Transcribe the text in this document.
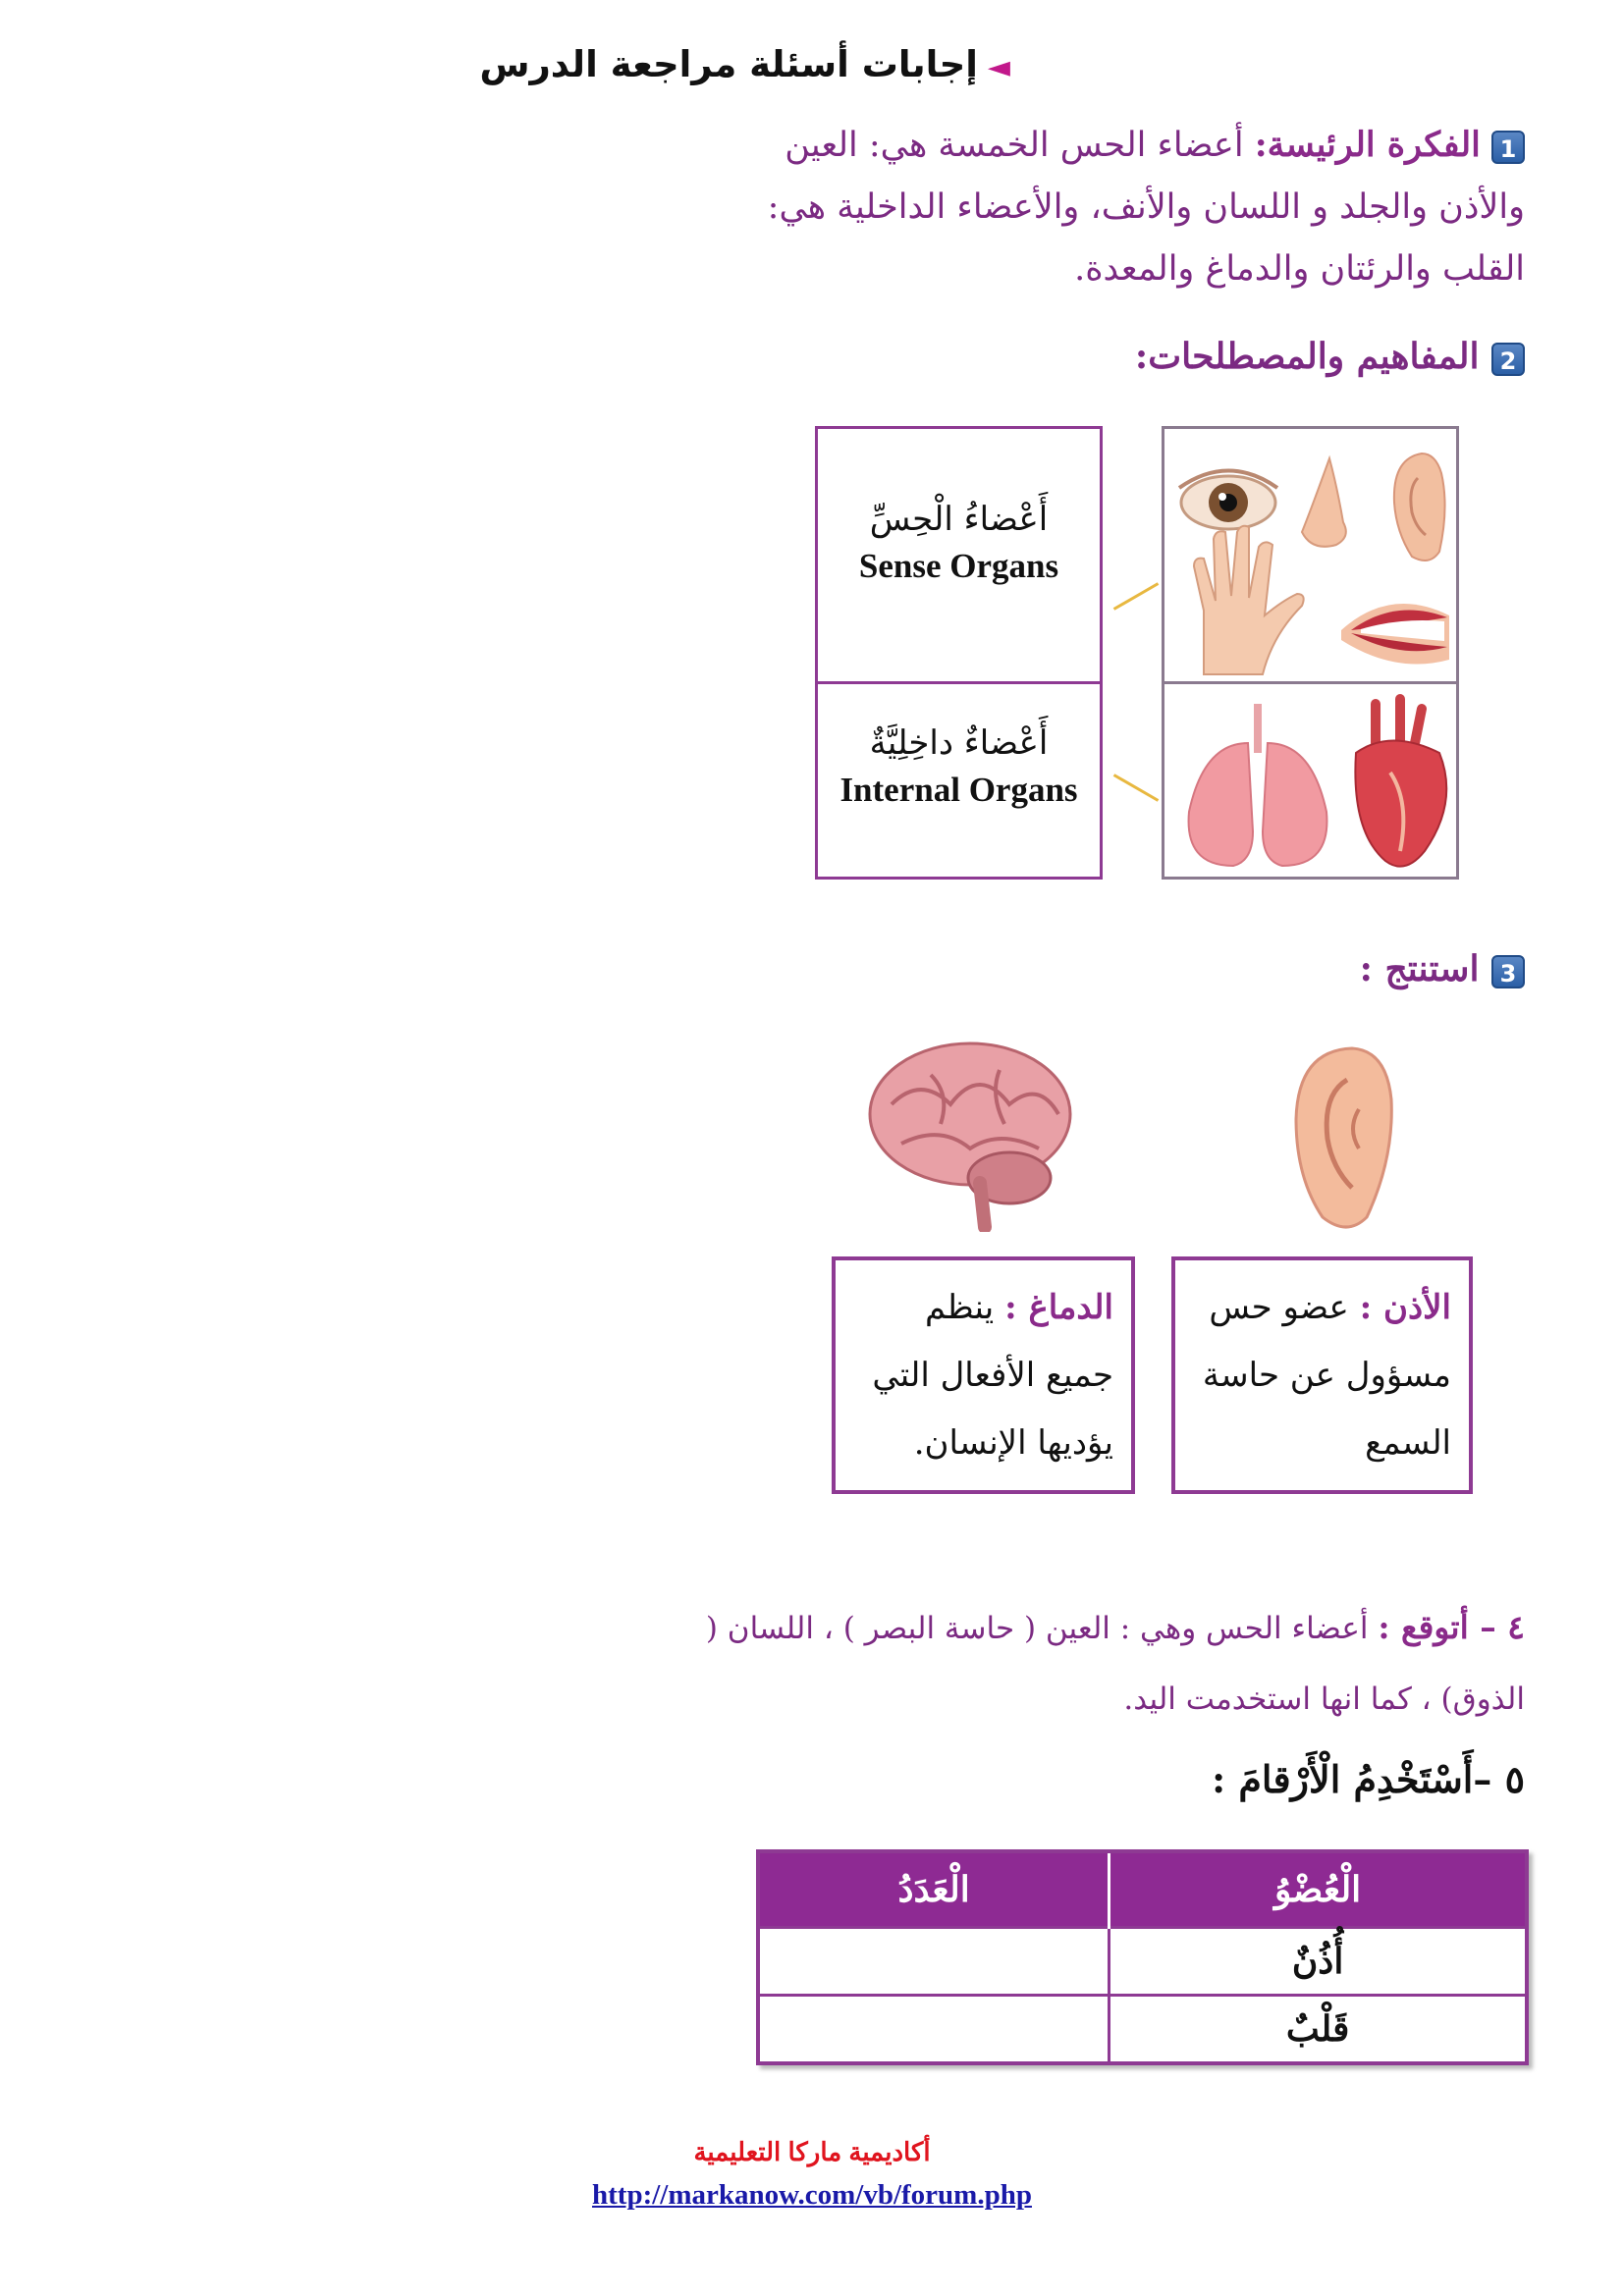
◄إجابات أسئلة مراجعة الدرس
1 الفكرة الرئيسة: أعضاء الحس الخمسة هي: العين والأذن والجلد و اللسان والأنف، والأعضاء الداخلية هي: القلب والرئتان والدماغ والمعدة.
2 المفاهيم والمصطلحات:
أَعْضاءُ الْحِسِّ
Sense Organs
أَعْضاءٌ داخِلِيَّةٌ
Internal Organs
3 استنتج :
الأذن : عضو حس مسؤول عن حاسة السمع
الدماغ : ينظم جميع الأفعال التي يؤديها الإنسان.
٤ – أتوقع : أعضاء الحس وهي : العين ( حاسة البصر ) ، اللسان ( الذوق) ، كما انها استخدمت اليد.
٥ –أَسْتَخْدِمُ الْأَرْقامَ :
الْعُضْوُ	الْعَدَدُ
أُذُنٌ	
قَلْبٌ	
أكاديمية ماركا التعليمية
http://markanow.com/vb/forum.php
